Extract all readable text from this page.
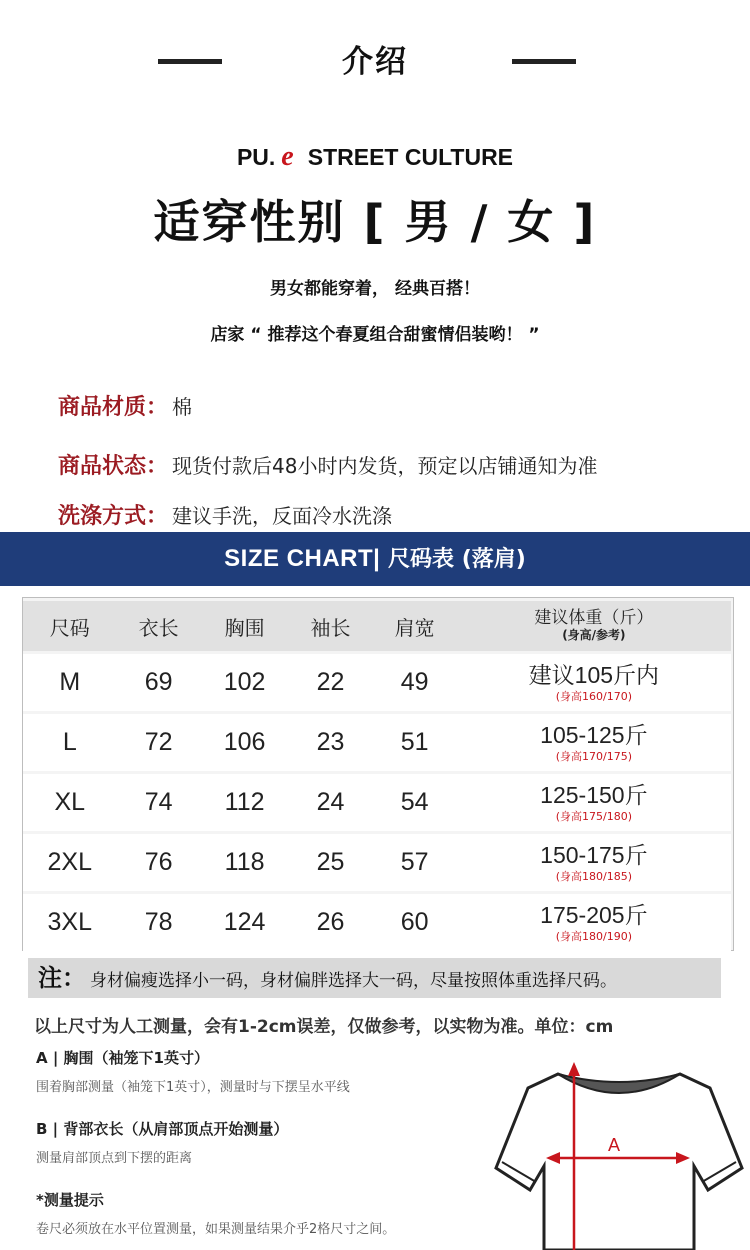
介绍
PU. e STREET CULTURE
适穿性别 [ 男 / 女 ]
男女都能穿着， 经典百搭！
店家 “ 推荐这个春夏组合甜蜜情侣装哟！ ”
商品材质： 棉
商品状态： 现货付款后48小时内发货，预定以店铺通知为准
洗涤方式： 建议手洗，反面冷水洗涤
SIZE CHART| 尺码表 (落肩)
尺码	衣长	胸围	袖长	肩宽	建议体重（斤）
(身高/参考)

M	69	102	22	49	建议105斤内
(身高160/170)

L	72	106	23	51	105-125斤
(身高170/175)

XL	74	112	24	54	125-150斤
(身高175/180)

2XL	76	118	25	57	150-175斤
(身高180/185)

3XL	78	124	26	60	175-205斤
(身高180/190)
注： 身材偏瘦选择小一码，身材偏胖选择大一码，尽量按照体重选择尺码。
以上尺寸为人工测量，会有1-2cm误差，仅做参考，以实物为准。单位：cm
A | 胸围（袖笼下1英寸）
围着胸部测量（袖笼下1英寸），测量时与下摆呈水平线
B | 背部衣长（从肩部顶点开始测量）
测量肩部顶点到下摆的距离
*测量提示
卷尺必须放在水平位置测量，如果测量结果介乎2格尺寸之间。
A
